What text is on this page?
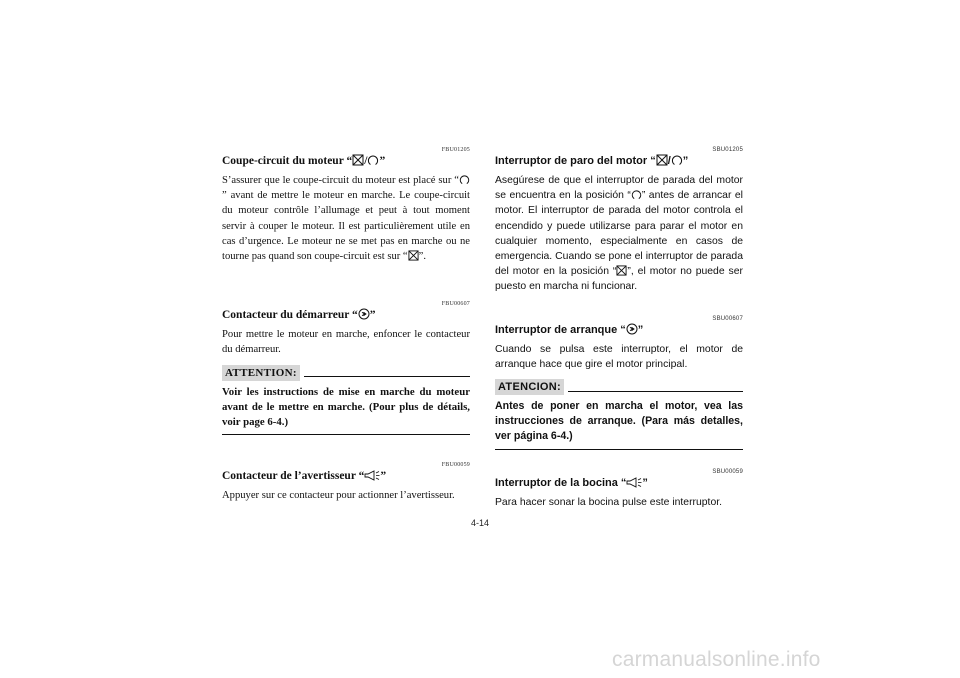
FBU01205
Coupe-circuit du moteur “ / ”

S’assurer que le coupe-circuit du moteur est placé sur “” avant de mettre le moteur en marche. Le coupe-circuit du moteur contrôle l’allumage et peut à tout moment servir à couper le moteur. Il est particulièrement utile en cas d’urgence. Le moteur ne se met pas en marche ou ne tourne pas quand son coupe-circuit est sur “ ”.

FBU00607
Contacteur du démarreur “ ”

Pour mettre le moteur en marche, enfoncer le contacteur du démarreur.

ATTENTION:

Voir les instructions de mise en marche du moteur avant de le mettre en marche. (Pour plus de détails, voir page 6-4.)

FBU00059
Contacteur de l’avertisseur “ ”

Appuyer sur ce contacteur pour actionner l’avertisseur.

SBU01205
Interruptor de paro del motor “ / ”

Asegúrese de que el interruptor de parada del motor se encuentra en la posición “ ” antes de arrancar el motor. El interruptor de parada del motor controla el encendido y puede utilizarse para parar el motor en cualquier momento, especialmente en casos de emergencia. Cuando se pone el interruptor de parada del motor en la posición “ ”, el motor no puede ser puesto en marcha ni funcionar.

SBU00607
Interruptor de arranque “ ”

Cuando se pulsa este interruptor, el motor de arranque hace que gire el motor principal.

ATENCION:

Antes de poner en marcha el motor, vea las instrucciones de arranque. (Para más detalles, ver página 6-4.)

SBU00059
Interruptor de la bocina “ ”

Para hacer sonar la bocina pulse este interruptor.

4-14
carmanualsonline.info
